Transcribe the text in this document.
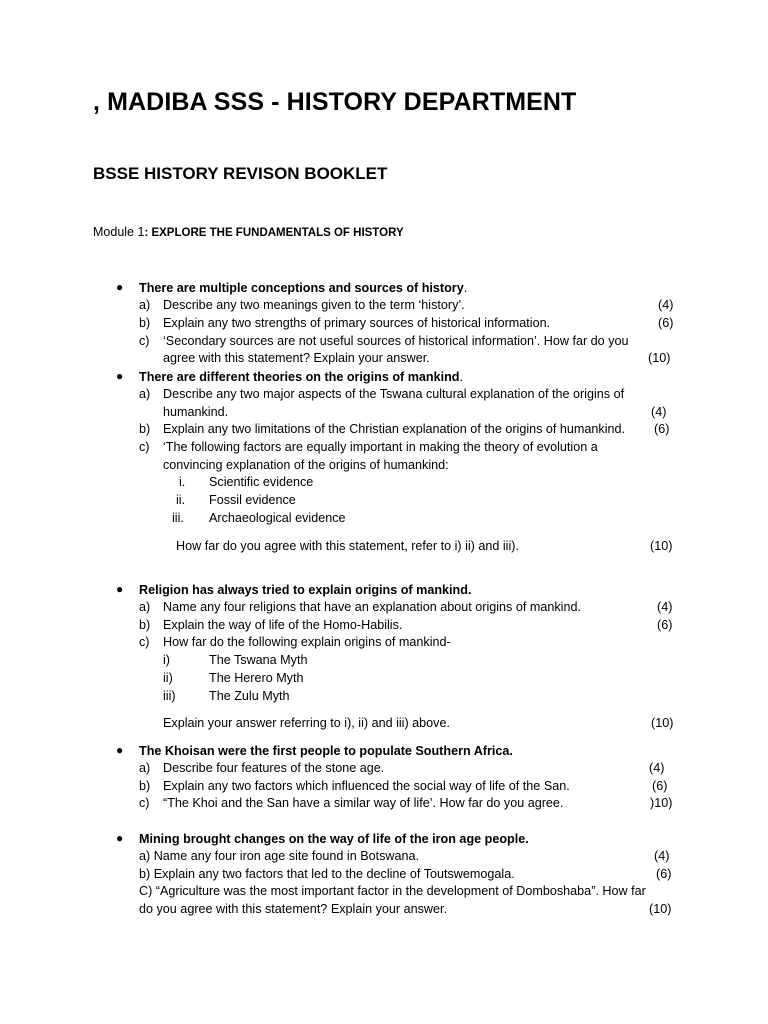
, MADIBA SSS - HISTORY DEPARTMENT
BSSE HISTORY REVISON BOOKLET
Module 1: EXPLORE THE FUNDAMENTALS OF HISTORY
● There are multiple conceptions and sources of history.
a) Describe any two meanings given to the term ‘history’.	(4)
b) Explain any two strengths of primary sources of historical information.	(6)
c) ‘Secondary sources are not useful sources of historical information’. How far do you
agree with this statement? Explain your answer.	(10)
● There are different theories on the origins of mankind.
a) Describe any two major aspects of the Tswana cultural explanation of the origins of
humankind.	(4)
b) Explain any two limitations of the Christian explanation of the origins of humankind. (6)
c) ‘The following factors are equally important in making the theory of evolution a
convincing explanation of the origins of humankind:
i. Scientific evidence
ii. Fossil evidence
iii. Archaeological evidence
How far do you agree with this statement, refer to i) ii) and iii).	(10)
● Religion has always tried to explain origins of mankind.
a) Name any four religions that have an explanation about origins of mankind.	(4)
b) Explain the way of life of the Homo-Habilis.	(6)
c) How far do the following explain origins of mankind-
i)	The Tswana Myth
ii)	The Herero Myth
iii)	The Zulu Myth
Explain your answer referring to i), ii) and iii) above.	(10)
● The Khoisan were the first people to populate Southern Africa.
a) Describe four features of the stone age.	(4)
b) Explain any two factors which influenced the social way of life of the San.	(6)
c) “The Khoi and the San have a similar way of life’. How far do you agree.	)10)
● Mining brought changes on the way of life of the iron age people.
a) Name any four iron age site found in Botswana.	(4)
b) Explain any two factors that led to the decline of Toutswemogala.	(6)
C) “Agriculture was the most important factor in the development of Domboshaba”. How far
do you agree with this statement? Explain your answer.	(10)
